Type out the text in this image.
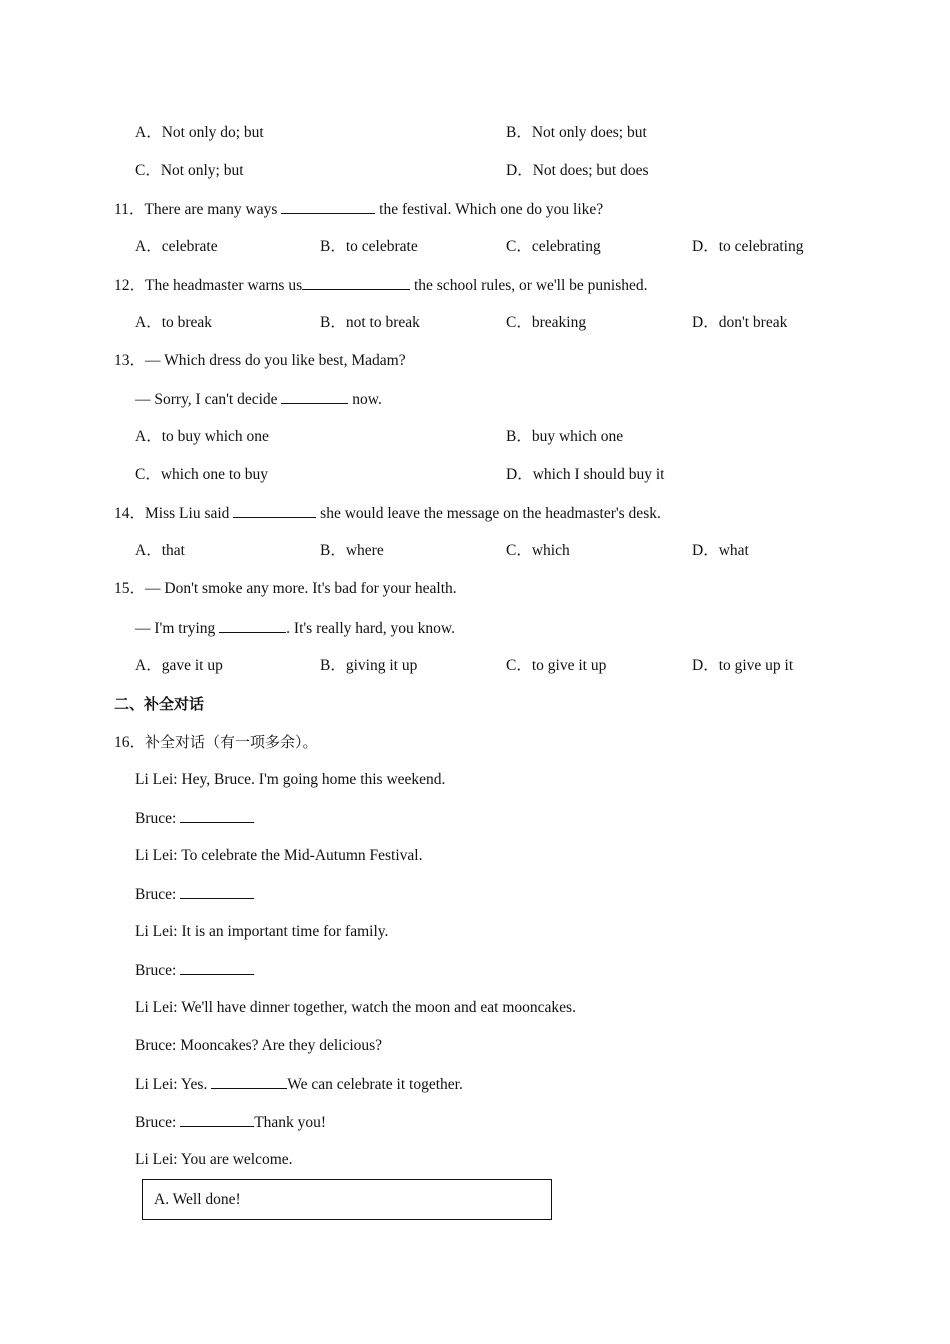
A．Not only do; but	B．Not only does; but
C．Not only; but	D．Not does; but does
11．There are many ways	the festival. Which one do you like?
A．celebrate	B．to celebrate	C．celebrating	D．to celebrating
12．The headmaster warns us	the school rules, or we'll be punished.
A．to break	B．not to break	C．breaking	D．don't break
13．— Which dress do you like best, Madam?
— Sorry, I can't decide	now.
A．to buy which one	B．buy which one
C．which one to buy	D．which I should buy it
14．Miss Liu said	she would leave the message on the headmaster's desk.
A．that	B．where	C．which	D．what
15．— Don't smoke any more. It's bad for your health.
— I'm trying	. It's really hard, you know.
A．gave it up	B．giving it up	C．to give it up	D．to give up it
二、补全对话
16．补全对话（有一项多余）。
Li Lei: Hey, Bruce. I'm going home this weekend.
Bruce:
Li Lei: To celebrate the Mid-Autumn Festival.
Bruce:
Li Lei: It is an important time for family.
Bruce:
Li Lei: We'll have dinner together, watch the moon and eat mooncakes.
Bruce: Mooncakes? Are they delicious?
Li Lei: Yes.	We can celebrate it together.
Bruce:	Thank you!
Li Lei: You are welcome.
A. Well done!
